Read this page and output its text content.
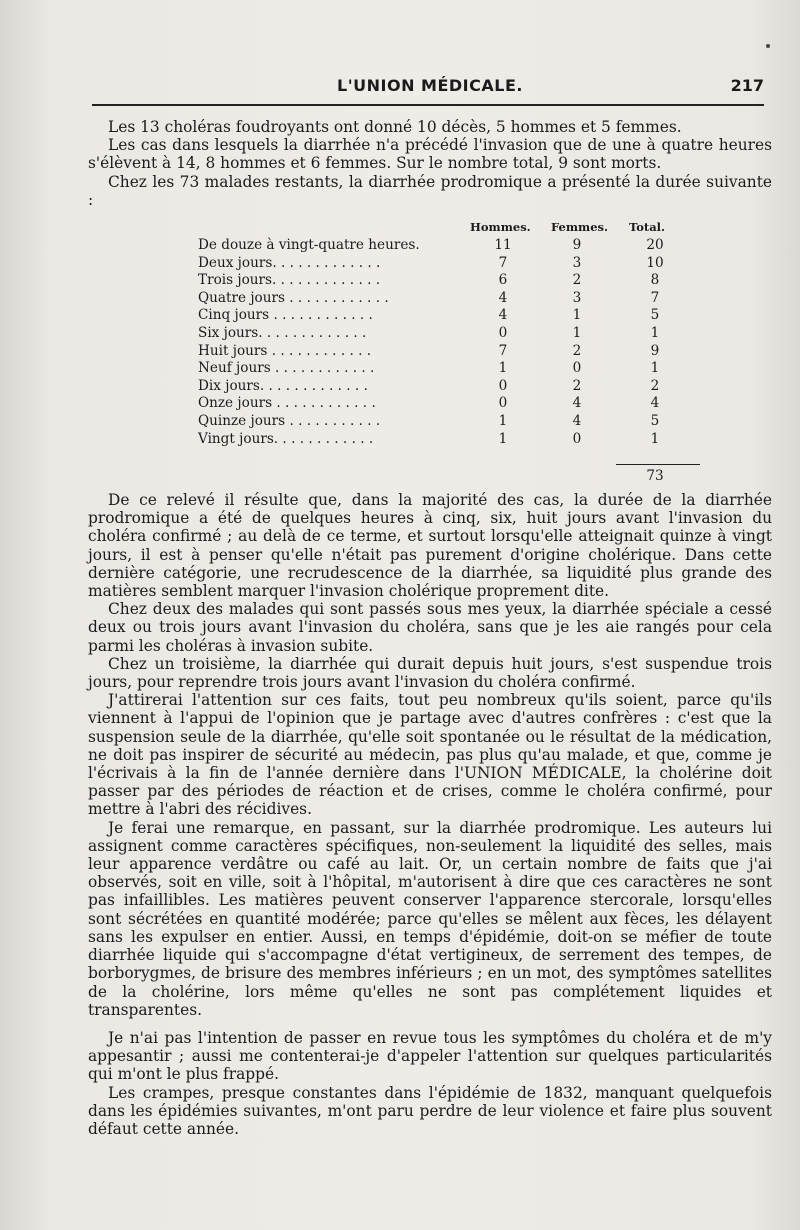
L'UNION MÉDICALE.	217

Les 13 choléras foudroyants ont donné 10 décès, 5 hommes et 5 femmes.

Les cas dans lesquels la diarrhée n'a précédé l'invasion que de une à quatre heures s'élèvent à 14, 8 hommes et 6 femmes. Sur le nombre total, 9 sont morts.

Chez les 73 malades restants, la diarrhée prodromique a présenté la durée suivante :

Hommes. Femmes. Total.
De douze à vingt-quatre heures.	11	9	20
Deux jours. . . . . . . . . . . . .	7	3	10
Trois jours. . . . . . . . . . . . .	6	2	8
Quatre jours . . . . . . . . . . . .	4	3	7
Cinq jours . . . . . . . . . . . .	4	1	5
Six jours. . . . . . . . . . . . .	0	1	1
Huit jours . . . . . . . . . . . .	7	2	9
Neuf jours . . . . . . . . . . . .	1	0	1
Dix jours. . . . . . . . . . . . .	0	2	2
Onze jours . . . . . . . . . . . .	0	4	4
Quinze jours . . . . . . . . . . .	1	4	5
Vingt jours. . . . . . . . . . . .	1	0	1
73

De ce relevé il résulte que, dans la majorité des cas, la durée de la diarrhée prodromique a été de quelques heures à cinq, six, huit jours avant l'invasion du choléra confirmé ; au delà de ce terme, et surtout lorsqu'elle atteignait quinze à vingt jours, il est à penser qu'elle n'était pas purement d'origine cholérique. Dans cette dernière catégorie, une recrudescence de la diarrhée, sa liquidité plus grande des matières semblent marquer l'invasion cholérique proprement dite.

Chez deux des malades qui sont passés sous mes yeux, la diarrhée spéciale a cessé deux ou trois jours avant l'invasion du choléra, sans que je les aie rangés pour cela parmi les choléras à invasion subite.

Chez un troisième, la diarrhée qui durait depuis huit jours, s'est suspendue trois jours, pour reprendre trois jours avant l'invasion du choléra confirmé.

J'attirerai l'attention sur ces faits, tout peu nombreux qu'ils soient, parce qu'ils viennent à l'appui de l'opinion que je partage avec d'autres confrères : c'est que la suspension seule de la diarrhée, qu'elle soit spontanée ou le résultat de la médication, ne doit pas inspirer de sécurité au médecin, pas plus qu'au malade, et que, comme je l'écrivais à la fin de l'année dernière dans l'UNION MÉDICALE, la cholérine doit passer par des périodes de réaction et de crises, comme le choléra confirmé, pour mettre à l'abri des récidives.

Je ferai une remarque, en passant, sur la diarrhée prodromique. Les auteurs lui assignent comme caractères spécifiques, non-seulement la liquidité des selles, mais leur apparence verdâtre ou café au lait. Or, un certain nombre de faits que j'ai observés, soit en ville, soit à l'hôpital, m'autorisent à dire que ces caractères ne sont pas infaillibles. Les matières peuvent conserver l'apparence stercorale, lorsqu'elles sont sécrétées en quantité modérée; parce qu'elles se mêlent aux fèces, les délayent sans les expulser en entier. Aussi, en temps d'épidémie, doit-on se méfier de toute diarrhée liquide qui s'accompagne d'état vertigineux, de serrement des tempes, de borborygmes, de brisure des membres inférieurs ; en un mot, des symptômes satellites de la cholérine, lors même qu'elles ne sont pas complétement liquides et transparentes.

Je n'ai pas l'intention de passer en revue tous les symptômes du choléra et de m'y appesantir ; aussi me contenterai-je d'appeler l'attention sur quelques particularités qui m'ont le plus frappé.

Les crampes, presque constantes dans l'épidémie de 1832, manquant quelquefois dans les épidémies suivantes, m'ont paru perdre de leur violence et faire plus souvent défaut cette année.
